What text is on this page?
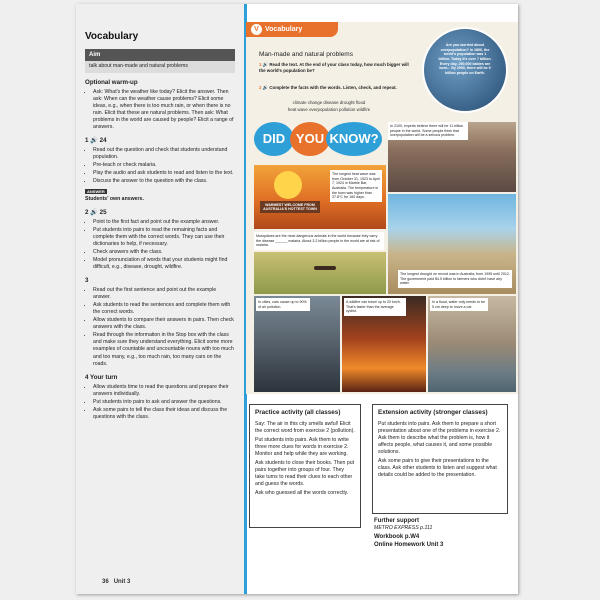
Vocabulary
Aim
talk about man-made and natural problems
Optional warm-up
• Ask: What's the weather like today? Elicit the answer. Then ask: When can the weather cause problems? Elicit some ideas, e.g., when there is too much rain, or when there is no rain. Elicit that these are natural problems. Then ask: What problems in the world are caused by people? Elicit a range of answers.
1 🔊 24
• Read out the question and check that students understand population.
• Pre-teach or check malaria.
• Play the audio and ask students to read and listen to the text.
• Discuss the answer to the question with the class.
ANSWER
Students' own answers.
2 🔊 25
• Point to the first fact and point out the example answer.
• Put students into pairs to read the remaining facts and complete them with the correct words. They can use their dictionaries to help, if necessary.
• Check answers with the class.
• Model pronunciation of words that your students might find difficult, e.g., disease, drought, wildfire.
3
• Read out the first sentence and point out the example answer.
• Ask students to read the sentences and complete them with the correct words.
• Allow students to compare their answers in pairs. Then check answers with the class.
• Read through the information in the Stop box with the class and make sure they understand everything. Elicit some more examples of countable and uncountable nouns with too much and too many, e.g., too much rain, too many cars on the roads.
4 Your turn
• Allow students time to read the questions and prepare their answers individually.
• Put students into pairs to ask and answer the questions.
• Ask some pairs to tell the class their ideas and discuss the questions with the class.
36 Unit 3
V Vocabulary
Man-made and natural problems
1 🔊 Read the text. At the end of your class today, how much bigger will the world's population be?
2 🔊 Complete the facts with the words. Listen, check, and repeat.
climate change disease drought flood
heat wave overpopulation pollution wildfire
Are you worried about overpopulation? In 1800, the world's population was 1 billion. Today it's over 7 billion. Every day, 250,000 babies are born... By 2050, there will be 9 billion people on Earth.
DID YOU KNOW?
In 2100, experts believe there will be 11 billion people in the world. Some people think that overpopulation will be a serious problem.
WARMEST WELCOME FROM AUSTRALIA'S HOTTEST TOWN
The longest heat wave was from October 31, 1923 to April 7, 1924 in Marble Bar, Australia. The temperature in the town was higher than 37.8°C for 160 days.
Mosquitoes are the most dangerous animals in the world because they carry the disease ______ malaria. About 3.2 billion people in the world are at risk of malaria.
The longest drought on record was in Australia, from 1995 until 2012. The government paid $4.5 billion to farmers who didn't have any water.
In cities, cars cause up to 90% of air pollution.
A wildfire can travel up to 20 km/h. That's faster than the average cyclist.
In a flood, water only needs to be 5 cm deep to move a car.
Practice activity (all classes)
Say: The air in this city smells awful! Elicit the correct word from exercise 2 (pollution).
Put students into pairs. Ask them to write three more clues for words in exercise 2. Monitor and help while they are working.
Ask students to close their books. Then put pairs together into groups of four. They take turns to read their clues to each other and guess the words.
Ask who guessed all the words correctly.
Extension activity (stronger classes)
Put students into pairs. Ask them to prepare a short presentation about one of the problems in exercise 2. Ask them to describe what the problem is, how it affects people, what causes it, and some possible solutions.
Ask some pairs to give their presentations to the class. Ask other students to listen and suggest what details could be added to the presentation.
Further support
METRO EXPRESS p.111
Workbook p.W4
Online Homework Unit 3
